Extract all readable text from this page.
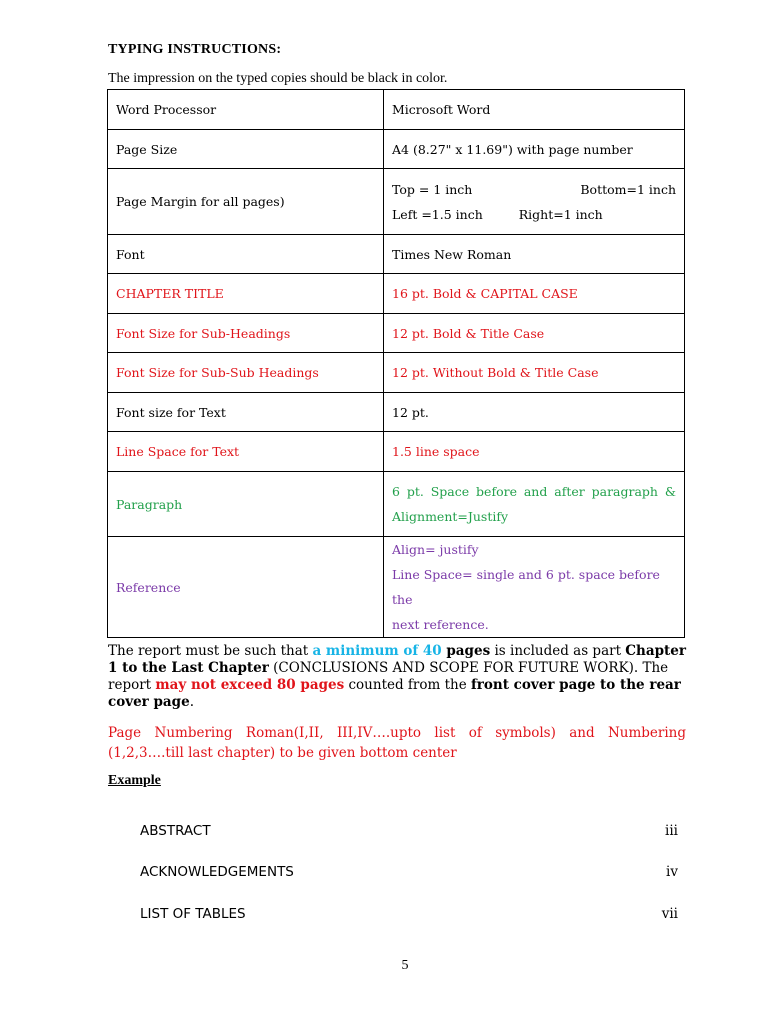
TYPING INSTRUCTIONS:
The impression on the typed copies should be black in color.
Word Processor	Microsoft Word
Page Size	A4 (8.27" x 11.69") with page number
Page Margin for all pages)	Top = 1 inch Bottom=1 inch
Left =1.5 inch Right=1 inch

Font	Times New Roman
CHAPTER TITLE	16 pt. Bold & CAPITAL CASE
Font Size for Sub-Headings	12 pt. Bold & Title Case
Font Size for Sub-Sub Headings	12 pt. Without Bold & Title Case
Font size for Text	12 pt.
Line Space for Text	1.5 line space
Paragraph	6 pt. Space before and after paragraph &
Alignment=Justify

Reference	Align= justify
Line Space= single and 6 pt. space before the
next reference.
The report must be such that a minimum of 40 pages is included as part Chapter 1 to the Last Chapter (CONCLUSIONS AND SCOPE FOR FUTURE WORK). The report may not exceed 80 pages counted from the front cover page to the rear cover page.
Page Numbering Roman(I,II, III,IV….upto list of symbols) and Numbering (1,2,3….till last chapter) to be given bottom center
Example
ABSTRACT	iii
ACKNOWLEDGEMENTS	iv
LIST OF TABLES	vii
5
